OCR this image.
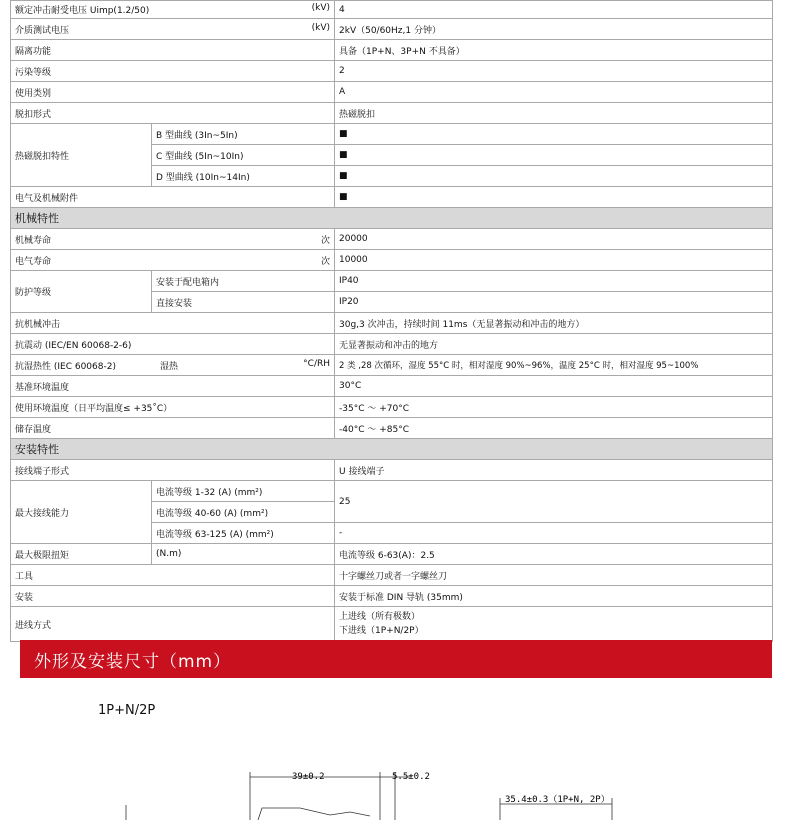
额定冲击耐受电压 Uimp(1.2/50) (kV)		4
介质测试电压 (kV)		2kV（50/60Hz,1 分钟）
隔离功能		具备（1P+N、3P+N 不具备）
污染等级		2
使用类别		A
脱扣形式		热磁脱扣
热磁脱扣特性	B 型曲线 (3In~5In)	■
	C 型曲线 (5In~10In)	■
	D 型曲线 (10In~14In)	■
电气及机械附件		■
机械特性		
机械寿命 次		20000
电气寿命 次		10000
防护等级	安装于配电箱内	IP40
	直接安装	IP20
抗机械冲击		30g,3 次冲击，持续时间 11ms（无显著振动和冲击的地方）
抗震动 (IEC/EN 60068-2-6)		无显著振动和冲击的地方
抗湿热性 (IEC 60068-2) 湿热 °C/RH		2 类 ,28 次循环，湿度 55°C 时，相对湿度 90%~96%，温度 25°C 时，相对湿度 95~100%
基准环境温度		30°C
使用环境温度（日平均温度≤ +35˚C）		-35°C ～ +70°C
储存温度		-40°C ～ +85°C
安装特性		
接线端子形式		U 接线端子
最大接线能力	电流等级 1-32 (A) (mm²)	25
	电流等级 40-60 (A) (mm²)	
	电流等级 63-125 (A) (mm²)	-
最大极限扭矩	(N.m)	电流等级 6-63(A)：2.5
工具		十字螺丝刀或者一字螺丝刀
安装		安装于标准 DIN 导轨 (35mm)
进线方式		上进线（所有极数）
下进线（1P+N/2P）
外形及安装尺寸（mm）
1P+N/2P
39±0.2	5.5±0.2
35.4±0.3（1P+N, 2P）
